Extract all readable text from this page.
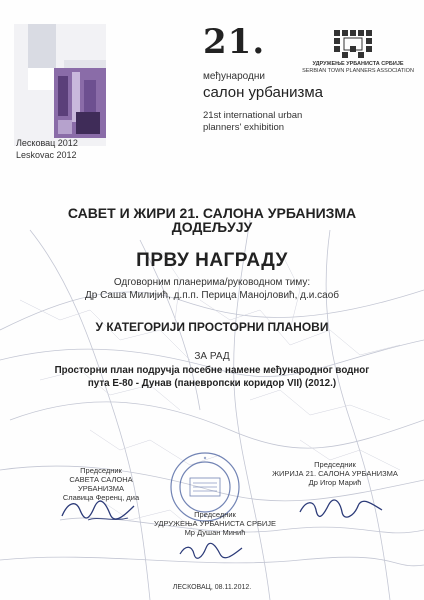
Лесковац 2012
Leskovac 2012
21.
међународни
салон урбанизма
21st international urban
planners' exhibition
УДРУЖЕЊЕ УРБАНИСТА СРБИЈЕ
SERBIAN TOWN PLANNERS ASSOCIATION
САВЕТ И ЖИРИ 21. САЛОНА УРБАНИЗМА
ДОДЕЉУЈУ
ПРВУ НАГРАДУ
Одговорним планерима/руководном тиму:
Др Саша Милијић, д.п.п. Перица Манојловић, д.и.саоб
У КАТЕГОРИЈИ ПРОСТОРНИ ПЛАНОВИ
ЗА РАД
Просторни план подручја посебне намене међународног водног
пута Е-80 - Дунав (паневропски коридор VII) (2012.)
Председник
САВЕТА САЛОНА УРБАНИЗМА
Славица Ференц, диа
Председник
ЖИРИЈА 21. САЛОНА УРБАНИЗМА
Др Игор Марић
Председник
УДРУЖЕЊА УРБАНИСТА СРБИЈЕ
Мр Душан Минић
ЛЕСКОВАЦ, 08.11.2012.
